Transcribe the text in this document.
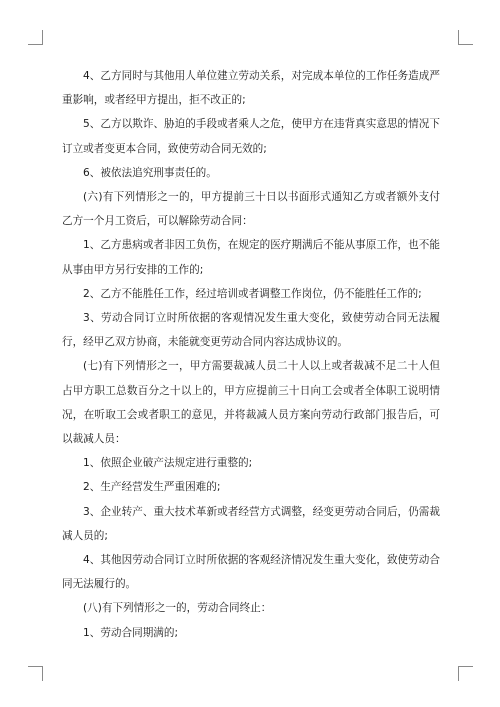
4、乙方同时与其他用人单位建立劳动关系，对完成本单位的工作任务造成严重影响，或者经甲方提出，拒不改正的;

5、乙方以欺诈、胁迫的手段或者乘人之危，使甲方在违背真实意思的情况下订立或者变更本合同，致使劳动合同无效的;

6、被依法追究刑事责任的。

(六)有下列情形之一的，甲方提前三十日以书面形式通知乙方或者额外支付乙方一个月工资后，可以解除劳动合同：

1、乙方患病或者非因工负伤，在规定的医疗期满后不能从事原工作，也不能从事由甲方另行安排的工作的;

2、乙方不能胜任工作，经过培训或者调整工作岗位，仍不能胜任工作的;

3、劳动合同订立时所依据的客观情况发生重大变化，致使劳动合同无法履行，经甲乙双方协商，未能就变更劳动合同内容达成协议的。

(七)有下列情形之一，甲方需要裁减人员二十人以上或者裁减不足二十人但占甲方职工总数百分之十以上的，甲方应提前三十日向工会或者全体职工说明情况，在听取工会或者职工的意见，并将裁减人员方案向劳动行政部门报告后，可以裁减人员：

1、依照企业破产法规定进行重整的;

2、生产经营发生严重困难的;

3、企业转产、重大技术革新或者经营方式调整，经变更劳动合同后，仍需裁减人员的;

4、其他因劳动合同订立时所依据的客观经济情况发生重大变化，致使劳动合同无法履行的。

(八)有下列情形之一的，劳动合同终止：

1、劳动合同期满的;
